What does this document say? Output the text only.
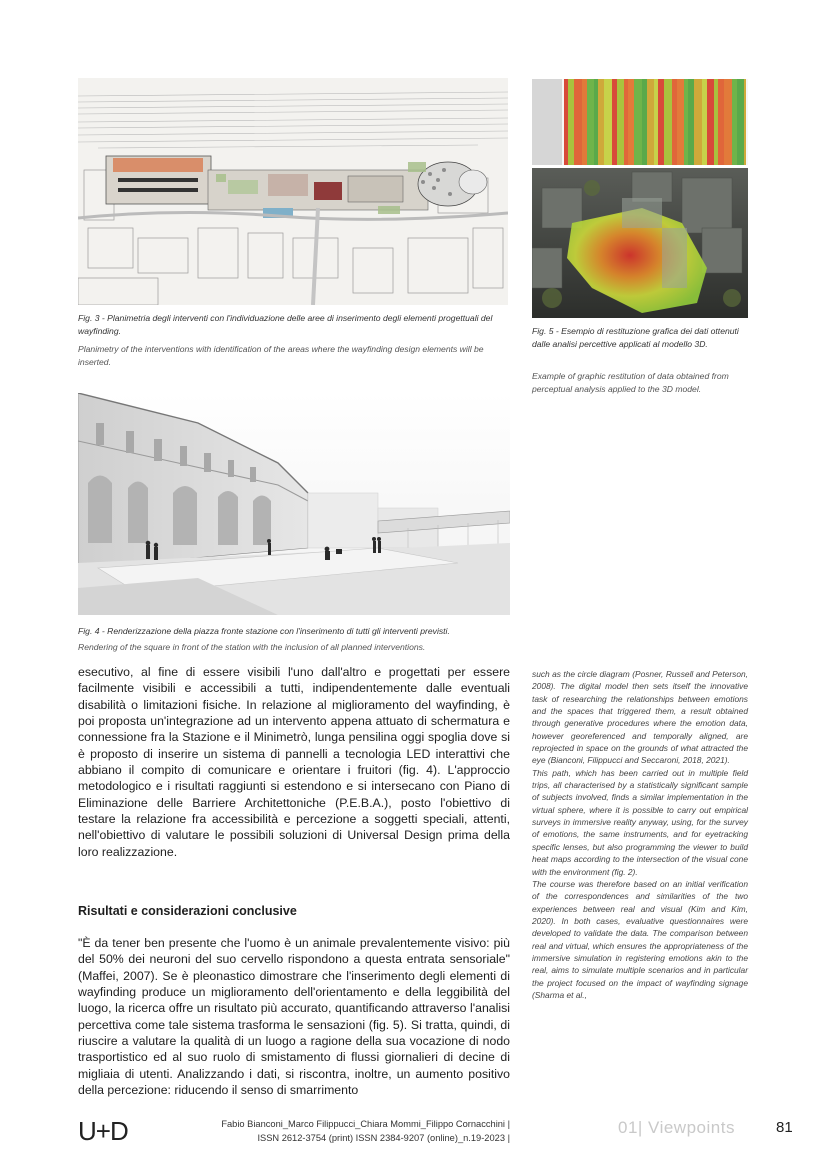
Fig. 3 - Planimetria degli interventi con l'individuazione delle aree di inserimento degli elementi progettuali del wayfinding.
Planimetry of the interventions with identification of the areas where the wayfinding design elements will be inserted.
Fig. 5 - Esempio di restituzione grafica dei dati ottenuti dalle analisi percettive applicati al modello 3D.
Example of graphic restitution of data obtained from perceptual analysis applied to the 3D model.
Fig. 4 - Renderizzazione della piazza fronte stazione con l'inserimento di tutti gli interventi previsti.
Rendering of the square in front of the station with the inclusion of all planned interventions.

esecutivo, al fine di essere visibili l'uno dall'altro e progettati per essere facilmente visibili e accessibili a tutti, indipendentemente dalle eventuali disabilità o limitazioni fisiche. In relazione al miglioramento del wayfinding, è poi proposta un'integrazione ad un intervento appena attuato di schermatura e connessione fra la Stazione e il Minimetrò, lunga pensilina oggi spoglia dove si è proposto di inserire un sistema di pannelli a tecnologia LED interattivi che abbiano il compito di comunicare e orientare i fruitori (fig. 4). L'approccio metodologico e i risultati raggiunti si estendono e si intersecano con Piano di Eliminazione delle Barriere Architettoniche (P.E.B.A.), posto l'obiettivo di testare la relazione fra accessibilità e percezione a soggetti speciali, attenti, nell'obiettivo di valutare le possibili soluzioni di Universal Design prima della loro realizzazione.

Risultati e considerazioni conclusive

"È da tener ben presente che l'uomo è un animale prevalentemente visivo: più del 50% dei neuroni del suo cervello rispondono a questa entrata sensoriale" (Maffei, 2007). Se è pleonastico dimostrare che l'inserimento degli elementi di wayfinding produce un miglioramento dell'orientamento e della leggibilità del luogo, la ricerca offre un risultato più accurato, quantificando attraverso l'analisi percettiva come tale sistema trasforma le sensazioni (fig. 5). Si tratta, quindi, di riuscire a valutare la qualità di un luogo a ragione della sua vocazione di nodo trasportistico ed al suo ruolo di smistamento di flussi giornalieri di decine di migliaia di utenti. Analizzando i dati, si riscontra, inoltre, un aumento positivo della percezione: riducendo il senso di smarrimento

such as the circle diagram (Posner, Russell and Peterson, 2008). The digital model then sets itself the innovative task of researching the relationships between emotions and the spaces that triggered them, a result obtained through generative procedures where the emotion data, however georeferenced and temporally aligned, are reprojected in space on the grounds of what attracted the eye (Bianconi, Filippucci and Seccaroni, 2018, 2021).

This path, which has been carried out in multiple field trips, all characterised by a statistically significant sample of subjects involved, finds a similar implementation in the virtual sphere, where it is possible to carry out empirical surveys in immersive reality anyway, using, for the survey of emotions, the same instruments, and for eyetracking specific lenses, but also programming the viewer to build heat maps according to the intersection of the visual cone with the environment (fig. 2).

The course was therefore based on an initial verification of the correspondences and similarities of the two experiences between real and visual (Kim and Kim, 2020). In both cases, evaluative questionnaires were developed to validate the data. The comparison between real and virtual, which ensures the appropriateness of the immersive simulation in registering emotions akin to the real, aims to simulate multiple scenarios and in particular the project focused on the impact of wayfinding signage (Sharma et al.,

U+D	Fabio Bianconi_Marco Filippucci_Chiara Mommi_Filippo Cornacchini |
ISSN 2612-3754 (print) ISSN 2384-9207 (online)_n.19-2023 |
01| Viewpoints	81
